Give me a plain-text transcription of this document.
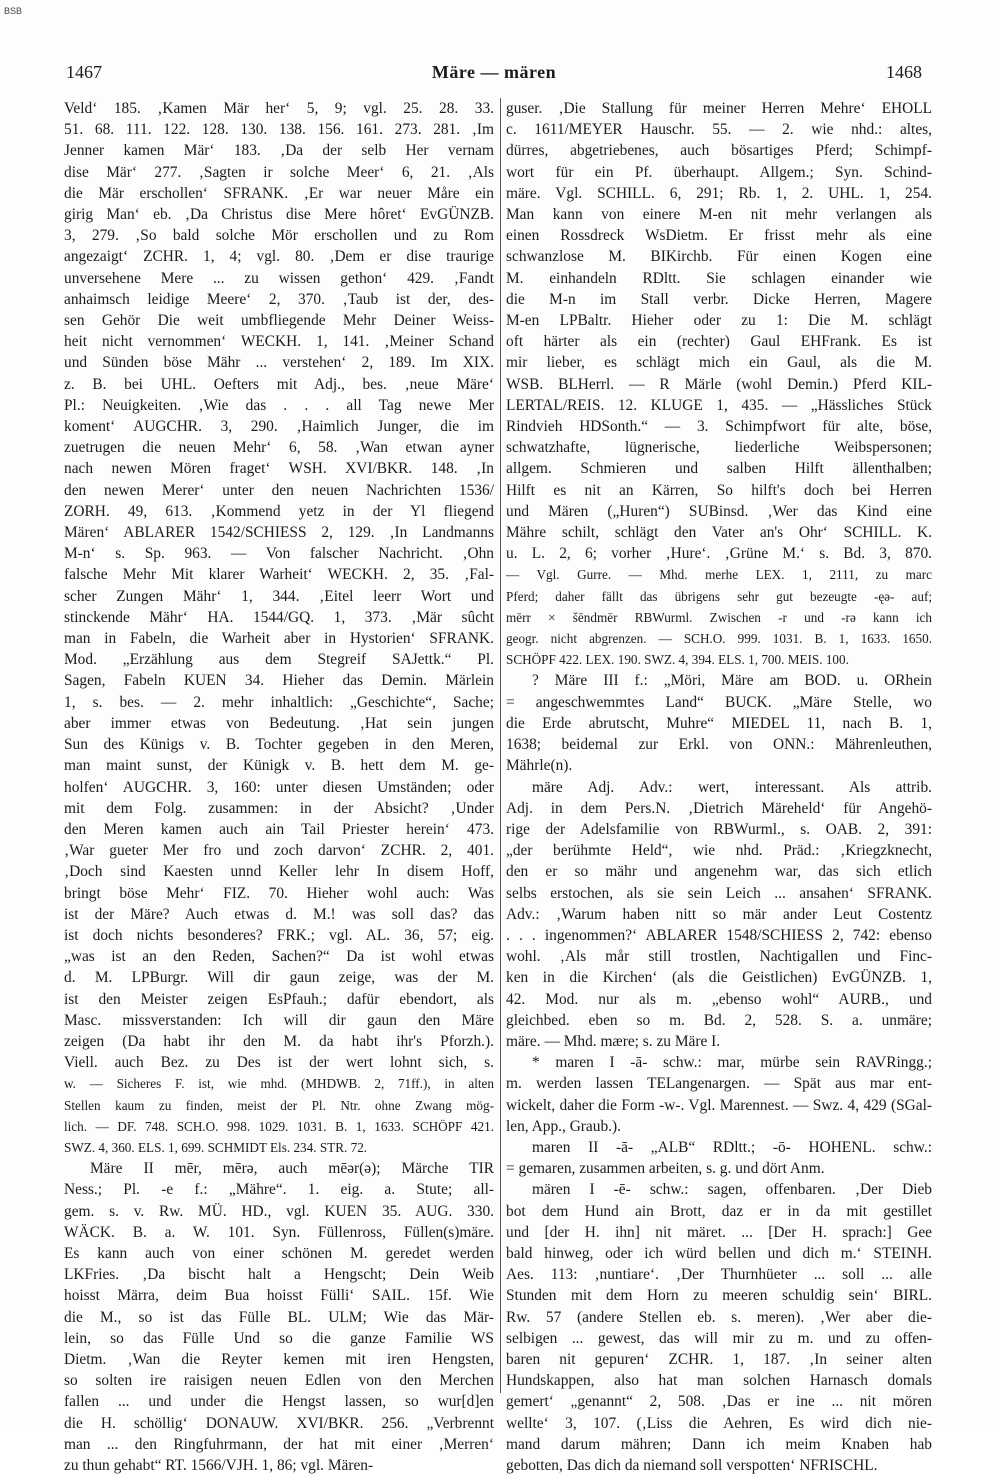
BSB
1467	Märe — mären	1468
Veld‘ 185. ‚Kamen Mär her‘ 5, 9; vgl. 25. 28. 33.
51. 68. 111. 122. 128. 130. 138. 156. 161. 273. 281. ‚Im
Jenner kamen Mär‘ 183. ‚Da der selb Her vernam
dise Mär‘ 277. ‚Sagten ir solche Meer‘ 6, 21. ‚Als
die Mär erschollen‘ SFRANK. ‚Er war neuer Måre ein
girig Man‘ eb. ‚Da Christus dise Mere hôret‘ EvGÜNZB.
3, 279. ‚So bald solche Mör erschollen und zu Rom
angezaigt‘ ZCHR. 1, 4; vgl. 80. ‚Dem er dise traurige
unversehene Mere ... zu wissen gethon‘ 429. ‚Fandt
anhaimsch leidige Meere‘ 2, 370. ‚Taub ist der, des-
sen Gehör Die weit umbfliegende Mehr Deiner Weiss-
heit nicht vernommen‘ WECKH. 1, 141. ‚Meiner Schand
und Sünden böse Mähr ... verstehen‘ 2, 189. Im XIX.
z. B. bei UHL. Oefters mit Adj., bes. ‚neue Märe‘
Pl.: Neuigkeiten. ‚Wie das . . . all Tag newe Mer
koment‘ AUGCHR. 3, 290. ‚Haimlich Junger, die im
zuetrugen die neuen Mehr‘ 6, 58. ‚Wan etwan ayner
nach newen Mören fraget‘ WSH. XVI/BKR. 148. ‚In
den newen Merer‘ unter den neuen Nachrichten 1536/
ZORH. 49, 613. ‚Kommend yetz in der Yl fliegend
Mären‘ ABLARER 1542/SCHIESS 2, 129. ‚In Landmanns
M-n‘ s. Sp. 963. — Von falscher Nachricht. ‚Ohn
falsche Mehr Mit klarer Warheit‘ WECKH. 2, 35. ‚Fal-
scher Zungen Mähr‘ 1, 344. ‚Eitel leerr Wort und
stinckende Mähr‘ HA. 1544/GQ. 1, 373. ‚Mär sûcht
man in Fabeln, die Warheit aber in Hystorien‘ SFRANK.
Mod. „Erzählung aus dem Stegreif SAJettk.“ Pl.
Sagen, Fabeln KUEN 34. Hieher das Demin. Märlein
1, s. bes. — 2. mehr inhaltlich: „Geschichte“, Sache;
aber immer etwas von Bedeutung. ‚Hat sein jungen
Sun des Künigs v. B. Tochter gegeben in den Meren,
man maint sunst, der Künigk v. B. hett dem M. ge-
holfen‘ AUGCHR. 3, 160: unter diesen Umständen; oder
mit dem Folg. zusammen: in der Absicht? ‚Under
den Meren kamen auch ain Tail Priester herein‘ 473.
‚War gueter Mer fro und zoch darvon‘ ZCHR. 2, 401.
‚Doch sind Kaesten unnd Keller lehr In disem Hoff,
bringt böse Mehr‘ FIZ. 70. Hieher wohl auch: Was
ist der Märe? Auch etwas d. M.! was soll das? das
ist doch nichts besonderes? FRK.; vgl. AL. 36, 57; eig.
„was ist an den Reden, Sachen?“ Da ist wohl etwas
d. M. LPBurgr. Will dir gaun zeige, was der M.
ist den Meister zeigen EsPfauh.; dafür ebendort, als
Masc. missverstanden: Ich will dir gaun den Märe
zeigen (Da habt ihr den M. da habt ihr's Pforzh.).
Viell. auch Bez. zu Des ist der wert lohnt sich, s.
w. — Sicheres F. ist, wie mhd. (MHDWB. 2, 71ff.), in alten
Stellen kaum zu finden, meist der Pl. Ntr. ohne Zwang mög-
lich. — DF. 748. SCH.O. 998. 1029. 1031. B. 1, 1633. SCHÖPF 421.
SWZ. 4, 360. ELS. 1, 699. SCHMIDT Els. 234. STR. 72.
Märe II mēr, mērə, auch mēər(ə); Märche TIR
Ness.; Pl. -e f.: „Mähre“. 1. eig. a. Stute; all-
gem. s. v. Rw. MÜ. HD., vgl. KUEN 35. AUG. 330.
WÄCK. B. a. W. 101. Syn. Füllenross, Füllen(s)märe.
Es kann auch von einer schönen M. geredet werden
LKFries. ‚Da bischt halt a Hengscht; Dein Weib
hoisst Märra, deim Bua hoisst Fülli‘ SAIL. 15f. Wie
die M., so ist das Fülle BL. ULM; Wie das Mär-
lein, so das Fülle Und so die ganze Familie WS
Dietm. ‚Wan die Reyter kemen mit iren Hengsten,
so solten ire raisigen neuen Edlen von den Merchen
fallen ... und under die Hengst lassen, so wur[d]en
die H. schöllig‘ DONAUW. XVI/BKR. 256. „Verbrennt
man ... den Ringfuhrmann, der hat mit einer ‚Merren‘
zu thun gehabt“ RT. 1566/VJH. 1, 86; vgl. Mären-
guser. ‚Die Stallung für meiner Herren Mehre‘ EHOLL
c. 1611/MEYER Hauschr. 55. — 2. wie nhd.: altes,
dürres, abgetriebenes, auch bösartiges Pferd; Schimpf-
wort für ein Pf. überhaupt. Allgem.; Syn. Schind-
märe. Vgl. SCHILL. 6, 291; Rb. 1, 2. UHL. 1, 254.
Man kann von einere M-en nit mehr verlangen als
einen Rossdreck WsDietm. Er frisst mehr als eine
schwanzlose M. BIKirchb. Für einen Kogen eine
M. einhandeln RDltt. Sie schlagen einander wie
die M-n im Stall verbr. Dicke Herren, Magere
M-en LPBaltr. Hieher oder zu 1: Die M. schlägt
oft härter als ein (rechter) Gaul EHFrank. Es ist
mir lieber, es schlägt mich ein Gaul, als die M.
WSB. BLHerrl. — R Märle (wohl Demin.) Pferd KIL-
LERTAL/REIS. 12. KLUGE 1, 435. — „Hässliches Stück
Rindvieh HDSonth.“ — 3. Schimpfwort für alte, böse,
schwatzhafte, lügnerische, liederliche Weibspersonen;
allgem. Schmieren und salben Hilft ällenthalben;
Hilft es nit an Kärren, So hilft's doch bei Herren
und Mären („Huren“) SUBinsd. ‚Wer das Kind eine
Mähre schilt, schlägt den Vater an's Ohr‘ SCHILL. K.
u. L. 2, 6; vorher ‚Hure‘. ‚Grüne M.‘ s. Bd. 3, 870.
— Vgl. Gurre. — Mhd. merhe LEX. 1, 2111, zu marc
Pferd; daher fällt das übrigens sehr gut bezeugte -ęə- auf;
mērr × šēndmēr RBWurml. Zwischen -r und -rə kann ich
geogr. nicht abgrenzen. — SCH.O. 999. 1031. B. 1, 1633. 1650.
SCHÖPF 422. LEX. 190. SWZ. 4, 394. ELS. 1, 700. MEIS. 100.
? Märe III f.: „Möri, Märe am BOD. u. ORhein
= angeschwemmtes Land“ BUCK. „Märe Stelle, wo
die Erde abrutscht, Muhre“ MIEDEL 11, nach B. 1,
1638; beidemal zur Erkl. von ONN.: Mährenleuthen,
Mährle(n).
märe Adj. Adv.: wert, interessant. Als attrib.
Adj. in dem Pers.N. ‚Dietrich Märeheld‘ für Angehö-
rige der Adelsfamilie von RBWurml., s. OAB. 2, 391:
„der berühmte Held“, wie nhd. Präd.: ‚Kriegzknecht,
den er so mähr und angenehm war, das sich etlich
selbs erstochen, als sie sein Leich ... ansahen‘ SFRANK.
Adv.: ‚Warum haben nitt so mär ander Leut Costentz
. . . ingenommen?‘ ABLARER 1548/SCHIESS 2, 742: ebenso
wohl. ‚Als mår still trostlen, Nachtigallen und Finc-
ken in die Kirchen‘ (als die Geistlichen) EvGÜNZB. 1,
42. Mod. nur als m. „ebenso wohl“ AURB., und
gleichbed. eben so m. Bd. 2, 528. S. a. unmäre;
märe. — Mhd. mære; s. zu Märe I.
* maren I -ā- schw.: mar, mürbe sein RAVRingg.;
m. werden lassen TELangenargen. — Spät aus mar ent-
wickelt, daher die Form -w-. Vgl. Marennest. — Swz. 4, 429 (SGal-
len, App., Graub.).
maren II -ā- „ALB“ RDltt.; -ō- HOHENL. schw.:
= gemaren, zusammen arbeiten, s. g. und dört Anm.
mären I -ē- schw.: sagen, offenbaren. ‚Der Dieb
bot dem Hund ain Brott, daz er in da mit gestillet
und [der H. ihn] nit märet. ... [Der H. sprach:] Gee
bald hinweg, oder ich würd bellen und dich m.‘ STEINH.
Aes. 113: ‚nuntiare‘. ‚Der Thurnhüeter ... soll ... alle
Stunden mit dem Horn zu meeren schuldig sein‘ BIRL.
Rw. 57 (andere Stellen eb. s. meren). ‚Wer aber die-
selbigen ... gewest, das will mir zu m. und zu offen-
baren nit gepuren‘ ZCHR. 1, 187. ‚In seiner alten
Hundskappen, also hat man solchen Harnasch domals
gemert‘ „genannt“ 2, 508. ‚Das er ine ... nit mören
wellte‘ 3, 107. (‚Liss die Aehren, Es wird dich nie-
mand darum mähren; Dann ich meim Knaben hab
gebotten, Das dich da niemand soll verspotten‘ NFRISCHL.
